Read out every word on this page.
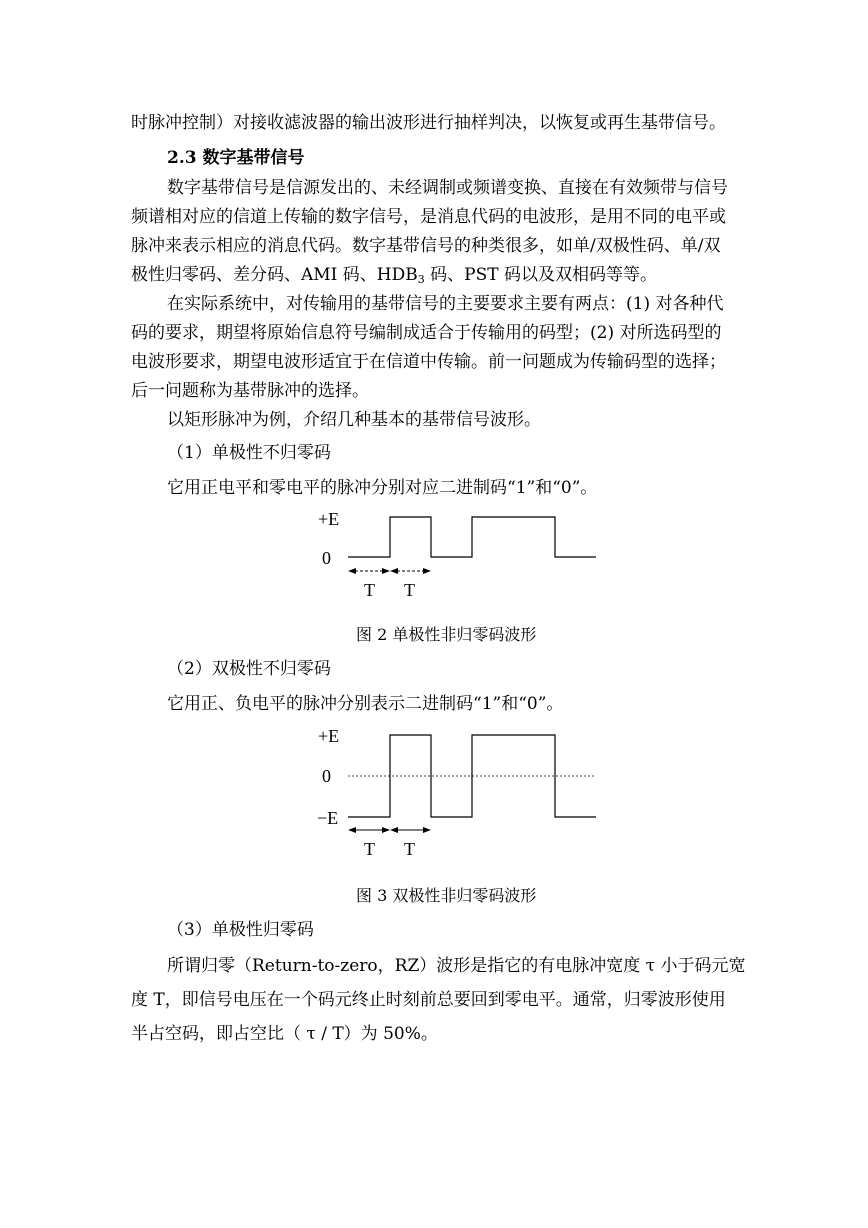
时脉冲控制）对接收滤波器的输出波形进行抽样判决，以恢复或再生基带信号。
2.3 数字基带信号
数字基带信号是信源发出的、未经调制或频谱变换、直接在有效频带与信号
频谱相对应的信道上传输的数字信号，是消息代码的电波形，是用不同的电平或
脉冲来表示相应的消息代码。数字基带信号的种类很多，如单/双极性码、单/双
极性归零码、差分码、AMI 码、$HDB_3$ 码、PST 码以及双相码等等。
在实际系统中，对传输用的基带信号的主要要求主要有两点：(1) 对各种代
码的要求，期望将原始信息符号编制成适合于传输用的码型；(2) 对所选码型的
电波形要求，期望电波形适宜于在信道中传输。前一问题成为传输码型的选择；
后一问题称为基带脉冲的选择。
以矩形脉冲为例，介绍几种基本的基带信号波形。
（1）单极性不归零码
它用正电平和零电平的脉冲分别对应二进制码“1”和“0”。
+E
0
T T
图 2 单极性非归零码波形
（2）双极性不归零码
它用正、负电平的脉冲分别表示二进制码“1”和“0”。
+E
0
−E
T T
图 3 双极性非归零码波形
（3）单极性归零码
所谓归零（Return-to-zero，RZ）波形是指它的有电脉冲宽度 τ 小于码元宽
度 T，即信号电压在一个码元终止时刻前总要回到零电平。通常，归零波形使用
半占空码，即占空比（ τ / T）为 50%。
